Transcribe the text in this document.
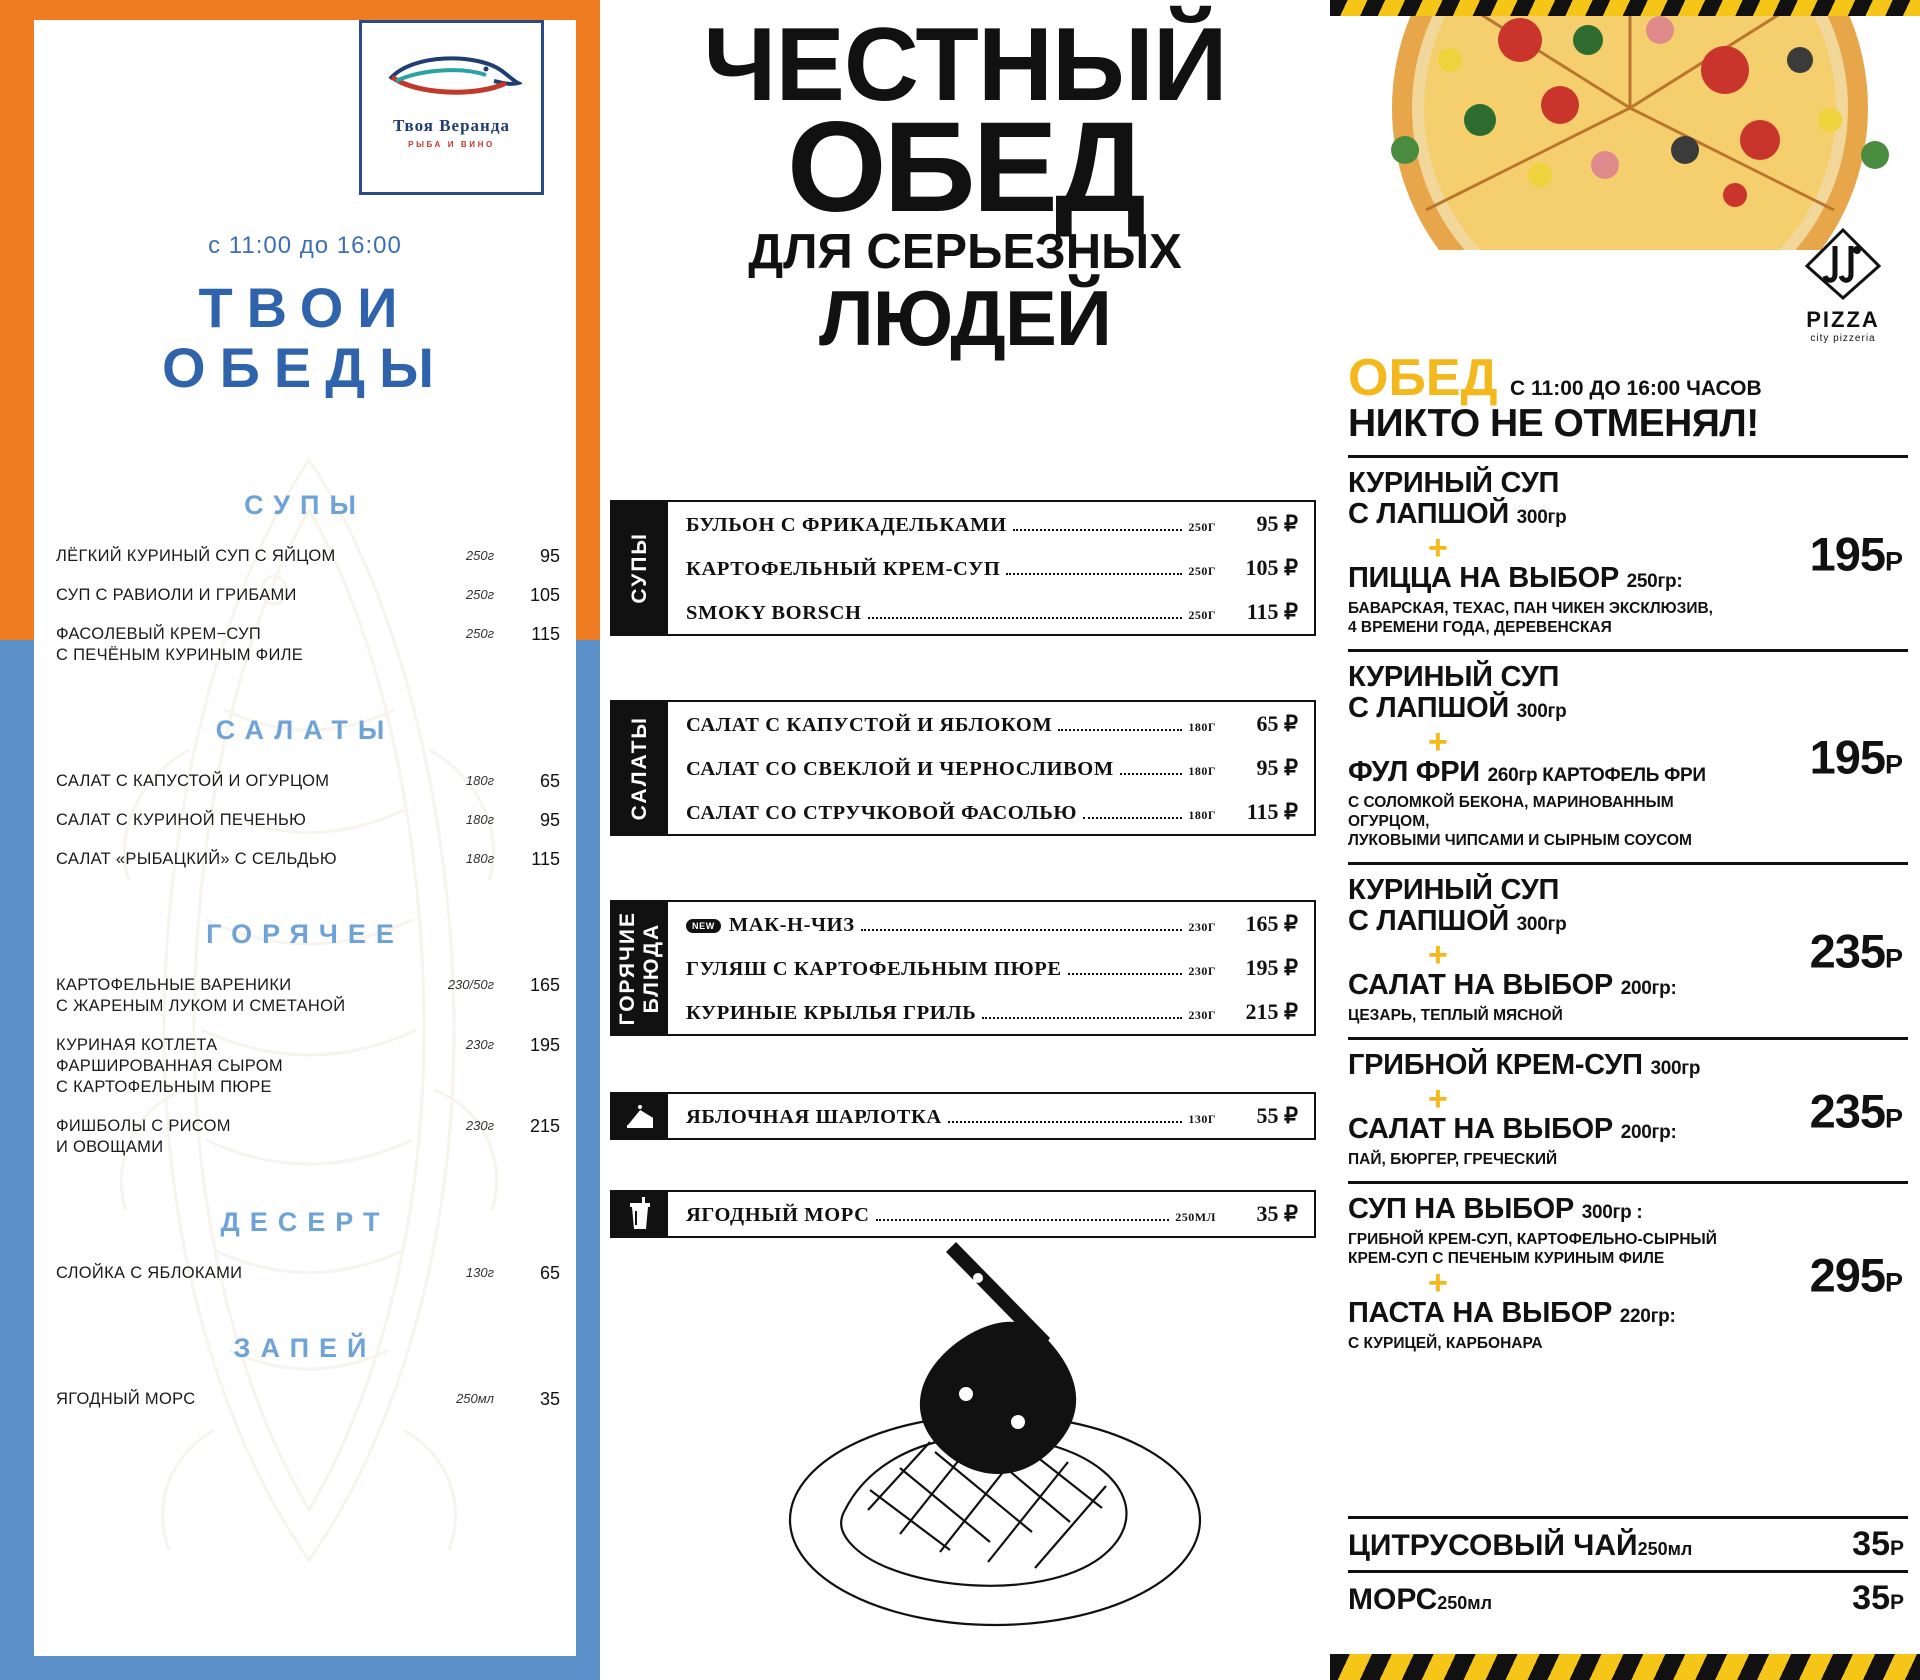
Твоя Веранда
РЫБА И ВИНО
с 11:00 до 16:00
ТВОИ
ОБЕДЫ
СУПЫ
ЛЁГКИЙ КУРИНЫЙ СУП С ЯЙЦОМ	250г	95
СУП С РАВИОЛИ И ГРИБАМИ	250г	105
ФАСОЛЕВЫЙ КРЕМ−СУП
С ПЕЧЁНЫМ КУРИНЫМ ФИЛЕ
250г	115
САЛАТЫ
САЛАТ С КАПУСТОЙ И ОГУРЦОМ	180г	65
САЛАТ С КУРИНОЙ ПЕЧЕНЬЮ	180г	95
САЛАТ «РЫБАЦКИЙ» С СЕЛЬДЬЮ	180г	115
ГОРЯЧЕЕ
КАРТОФЕЛЬНЫЕ ВАРЕНИКИ
С ЖАРЕНЫМ ЛУКОМ И СМЕТАНОЙ
230/50г	165
КУРИНАЯ КОТЛЕТА
ФАРШИРОВАННАЯ СЫРОМ
С КАРТОФЕЛЬНЫМ ПЮРЕ
230г	195
ФИШБОЛЫ С РИСОМ
И ОВОЩАМИ
230г	215
ДЕСЕРТ
СЛОЙКА С ЯБЛОКАМИ	130г	65
ЗАПЕЙ
ЯГОДНЫЙ МОРС	250мл	35
ЧЕСТНЫЙ
ОБЕД
ДЛЯ СЕРЬЕЗНЫХ
ЛЮДЕЙ
СУПЫ
БУЛЬОН С ФРИКАДЕЛЬКАМИ	250Г	95 ₽
КАРТОФЕЛЬНЫЙ КРЕМ-СУП	250Г	105 ₽
SMOKY BORSCH	250Г	115 ₽
САЛАТЫ САЛАТ С КАПУСТОЙ И ЯБЛОКОМ	180Г	65 ₽
САЛАТ СО СВЕКЛОЙ И ЧЕРНОСЛИВОМ	180Г	95 ₽
САЛАТ СО СТРУЧКОВОЙ ФАСОЛЬЮ	180Г	115 ₽
ГОРЯЧИЕ
БЛЮДА	NEW МАК-Н-ЧИЗ	230Г	165 ₽
ГУЛЯШ С КАРТОФЕЛЬНЫМ ПЮРЕ	230Г	195 ₽
КУРИНЫЕ КРЫЛЬЯ ГРИЛЬ	230Г	215 ₽
ЯБЛОЧНАЯ ШАРЛОТКА	130Г	55 ₽
ЯГОДНЫЙ МОРС	250МЛ	35 ₽
PIZZA
city pizzeria
ОБЕД С 11:00 ДО 16:00 ЧАСОВ
НИКТО НЕ ОТМЕНЯЛ!
КУРИНЫЙ СУП
С ЛАПШОЙ 300гр
+
ПИЦЦА НА ВЫБОР 250гр:
БАВАРСКАЯ, ТЕХАС, ПАН ЧИКЕН ЭКСКЛЮЗИВ,
4 ВРЕМЕНИ ГОДА, ДЕРЕВЕНСКАЯ
195Р
КУРИНЫЙ СУП
С ЛАПШОЙ 300гр
+
ФУЛ ФРИ 260гр КАРТОФЕЛЬ ФРИ
С СОЛОМКОЙ БЕКОНА, МАРИНОВАННЫМ ОГУРЦОМ,
ЛУКОВЫМИ ЧИПСАМИ И СЫРНЫМ СОУСОМ
195Р
КУРИНЫЙ СУП
С ЛАПШОЙ 300гр
+
САЛАТ НА ВЫБОР 200гр:
ЦЕЗАРЬ, ТЕПЛЫЙ МЯСНОЙ
235Р
ГРИБНОЙ КРЕМ-СУП 300гр
+
САЛАТ НА ВЫБОР 200гр:
ПАЙ, БЮРГЕР, ГРЕЧЕСКИЙ
235Р
СУП НА ВЫБОР 300гр :
ГРИБНОЙ КРЕМ-СУП, КАРТОФЕЛЬНО-СЫРНЫЙ
КРЕМ-СУП С ПЕЧЕНЫМ КУРИНЫМ ФИЛЕ
+
ПАСТА НА ВЫБОР 220гр:
С КУРИЦЕЙ, КАРБОНАРА
295Р
ЦИТРУСОВЫЙ ЧАЙ250мл	35Р
МОРС250мл	35Р
